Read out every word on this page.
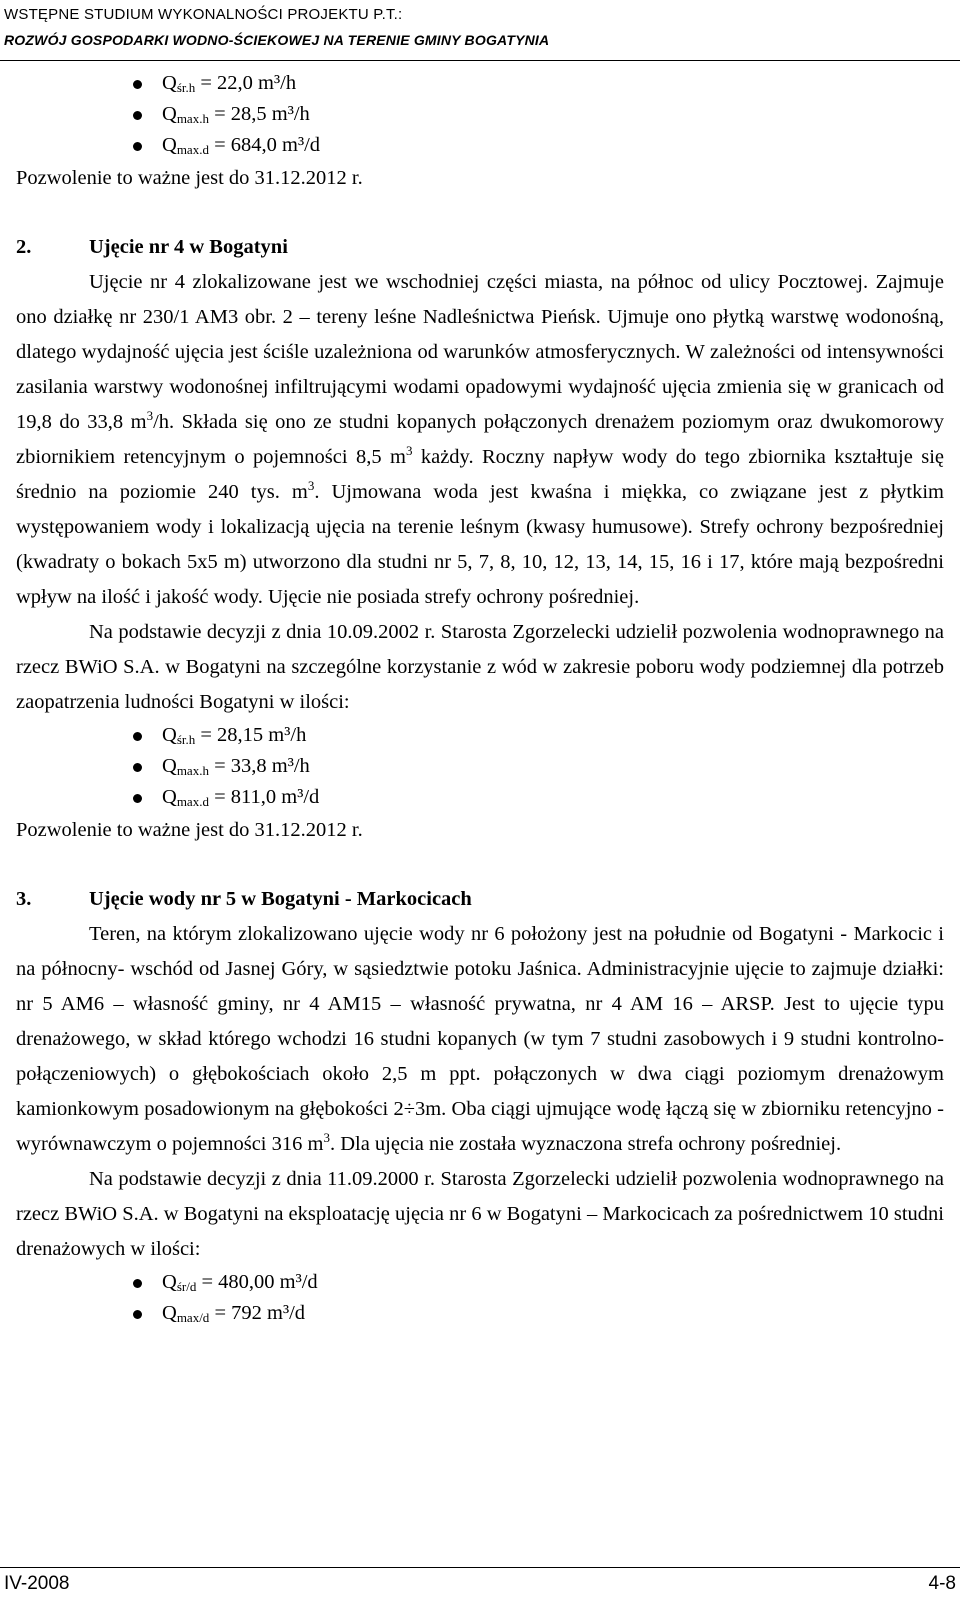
WSTĘPNE STUDIUM WYKONALNOŚCI PROJEKTU P.T.:
ROZWÓJ GOSPODARKI WODNO-ŚCIEKOWEJ NA TERENIE GMINY BOGATYNIA
$Q_{śr.h} = 22,0$ m³/h
$Q_{max.h} = 28,5$ m³/h
$Q_{max.d} = 684,0$ m³/d

Pozwolenie to ważne jest do 31.12.2012 r.

2.	Ujęcie nr 4 w Bogatyni

Ujęcie nr 4 zlokalizowane jest we wschodniej części miasta, na północ od ulicy Pocztowej. Zajmuje ono działkę nr 230/1 AM3 obr. 2 – tereny leśne Nadleśnictwa Pieńsk. Ujmuje ono płytką warstwę wodonośną, dlatego wydajność ujęcia jest ściśle uzależniona od warunków atmosferycznych. W zależności od intensywności zasilania warstwy wodonośnej infiltrującymi wodami opadowymi wydajność ujęcia zmienia się w granicach od 19,8 do 33,8 $m^3/h$. Składa się ono ze studni kopanych połączonych drenażem poziomym oraz dwukomorowy zbiornikiem retencyjnym o pojemności 8,5 $m^3$ każdy. Roczny napływ wody do tego zbiornika kształtuje się średnio na poziomie 240 tys. $m^3$. Ujmowana woda jest kwaśna i miękka, co związane jest z płytkim występowaniem wody i lokalizacją ujęcia na terenie leśnym (kwasy humusowe). Strefy ochrony bezpośredniej (kwadraty o bokach 5x5 m) utworzono dla studni nr 5, 7, 8, 10, 12, 13, 14, 15, 16 i 17, które mają bezpośredni wpływ na ilość i jakość wody. Ujęcie nie posiada strefy ochrony pośredniej.

Na podstawie decyzji z dnia 10.09.2002 r. Starosta Zgorzelecki udzielił pozwolenia wodnoprawnego na rzecz BWiO S.A. w Bogatyni na szczególne korzystanie z wód w zakresie poboru wody podziemnej dla potrzeb zaopatrzenia ludności Bogatyni w ilości:

$Q_{śr.h} = 28,15$ m³/h
$Q_{max.h} = 33,8$ m³/h
$Q_{max.d} = 811,0$ m³/d

Pozwolenie to ważne jest do 31.12.2012 r.

3.	Ujęcie wody nr 5 w Bogatyni - Markocicach

Teren, na którym zlokalizowano ujęcie wody nr 6 położony jest na południe od Bogatyni - Markocic i na północny- wschód od Jasnej Góry, w sąsiedztwie potoku Jaśnica. Administracyjnie ujęcie to zajmuje działki: nr 5 AM6 – własność gminy, nr 4 AM15 – własność prywatna, nr 4 AM 16 – ARSP. Jest to ujęcie typu drenażowego, w skład którego wchodzi 16 studni kopanych (w tym 7 studni zasobowych i 9 studni kontrolno-połączeniowych) o głębokościach około 2,5 m ppt. połączonych w dwa ciągi poziomym drenażowym kamionkowym posadowionym na głębokości 2÷3m. Oba ciągi ujmujące wodę łączą się w zbiorniku retencyjno - wyrównawczym o pojemności 316 $m^3$. Dla ujęcia nie została wyznaczona strefa ochrony pośredniej.

Na podstawie decyzji z dnia 11.09.2000 r. Starosta Zgorzelecki udzielił pozwolenia wodnoprawnego na rzecz BWiO S.A. w Bogatyni na eksploatację ujęcia nr 6 w Bogatyni – Markocicach za pośrednictwem 10 studni drenażowych w ilości:

$Q_{śr/d} = 480,00$ m³/d
$Q_{max/d} = 792$ m³/d
IV-2008	4-8
